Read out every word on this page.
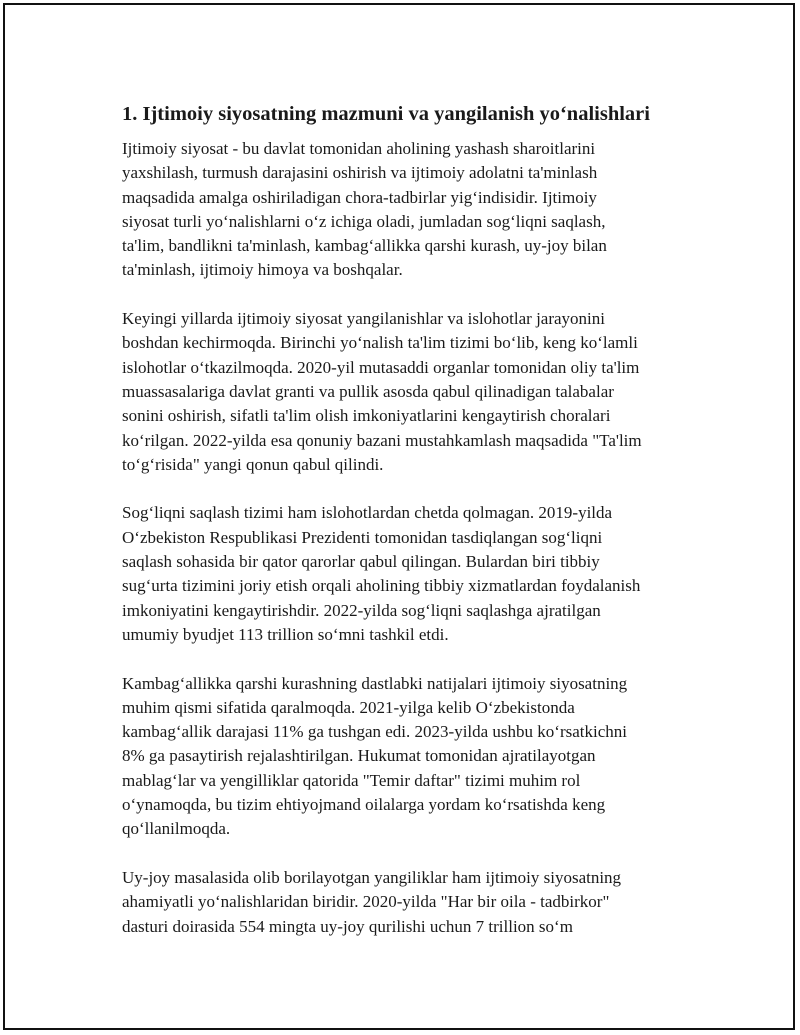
1. Ijtimoiy siyosatning mazmuni va yangilanish yo‘nalishlari

Ijtimoiy siyosat - bu davlat tomonidan aholining yashash sharoitlarini
yaxshilash, turmush darajasini oshirish va ijtimoiy adolatni ta'minlash
maqsadida amalga oshiriladigan chora-tadbirlar yig‘indisidir. Ijtimoiy
siyosat turli yo‘nalishlarni o‘z ichiga oladi, jumladan sog‘liqni saqlash,
ta'lim, bandlikni ta'minlash, kambag‘allikka qarshi kurash, uy-joy bilan
ta'minlash, ijtimoiy himoya va boshqalar.

Keyingi yillarda ijtimoiy siyosat yangilanishlar va islohotlar jarayonini
boshdan kechirmoqda. Birinchi yo‘nalish ta'lim tizimi bo‘lib, keng ko‘lamli
islohotlar o‘tkazilmoqda. 2020-yil mutasaddi organlar tomonidan oliy ta'lim
muassasalariga davlat granti va pullik asosda qabul qilinadigan talabalar
sonini oshirish, sifatli ta'lim olish imkoniyatlarini kengaytirish choralari
ko‘rilgan. 2022-yilda esa qonuniy bazani mustahkamlash maqsadida "Ta'lim
to‘g‘risida" yangi qonun qabul qilindi.

Sog‘liqni saqlash tizimi ham islohotlardan chetda qolmagan. 2019-yilda
O‘zbekiston Respublikasi Prezidenti tomonidan tasdiqlangan sog‘liqni
saqlash sohasida bir qator qarorlar qabul qilingan. Bulardan biri tibbiy
sug‘urta tizimini joriy etish orqali aholining tibbiy xizmatlardan foydalanish
imkoniyatini kengaytirishdir. 2022-yilda sog‘liqni saqlashga ajratilgan
umumiy byudjet 113 trillion so‘mni tashkil etdi.

Kambag‘allikka qarshi kurashning dastlabki natijalari ijtimoiy siyosatning
muhim qismi sifatida qaralmoqda. 2021-yilga kelib O‘zbekistonda
kambag‘allik darajasi 11% ga tushgan edi. 2023-yilda ushbu ko‘rsatkichni
8% ga pasaytirish rejalashtirilgan. Hukumat tomonidan ajratilayotgan
mablag‘lar va yengilliklar qatorida "Temir daftar" tizimi muhim rol
o‘ynamoqda, bu tizim ehtiyojmand oilalarga yordam ko‘rsatishda keng
qo‘llanilmoqda.

Uy-joy masalasida olib borilayotgan yangiliklar ham ijtimoiy siyosatning
ahamiyatli yo‘nalishlaridan biridir. 2020-yilda "Har bir oila - tadbirkor"
dasturi doirasida 554 mingta uy-joy qurilishi uchun 7 trillion so‘m
